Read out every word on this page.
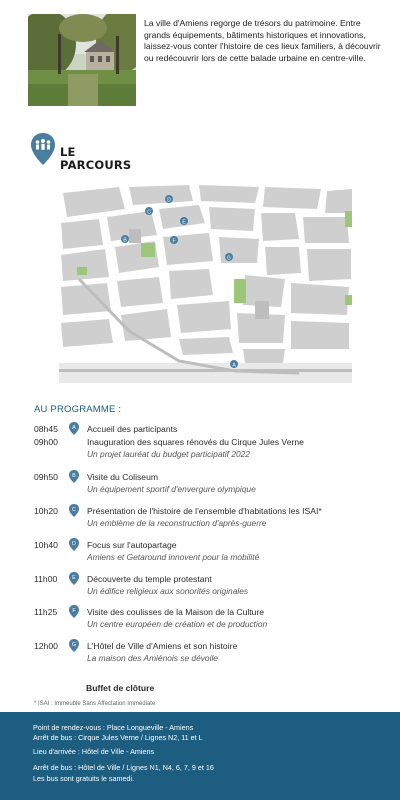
La ville d'Amiens regorge de trésors du patrimoine. Entre grands équipements, bâtiments historiques et innovations, laissez-vous conter l'histoire de ces lieux familiers, à découvrir ou redécouvrir lors de cette balade urbaine en centre-ville.
LE
PARCOURS
A
B
C
D
E
F
G
AU PROGRAMME :
08h45	A Accueil des participants
09h00	Inauguration des squares rénovés du Cirque Jules Verne
Un projet lauréat du budget participatif 2022
09h50	B Visite du Coliseum
Un équipement sportif d'envergure olympique
10h20	C Présentation de l'histoire de l'ensemble d'habitations les ISAI*
Un emblème de la reconstruction d'après-guerre
10h40	D Focus sur l'autopartage
Amiens et Getaround innovent pour la mobilité
11h00	E Découverte du temple protestant
Un édifice religieux aux sonorités originales
11h25	F Visite des coulisses de la Maison de la Culture
Un centre européen de création et de production
12h00	G L'Hôtel de Ville d'Amiens et son histoire
La maison des Amiénois se dévoile
Buffet de clôture
* ISAI : Immeuble Sans Affectation Immédiate
Point de rendez-vous : Place Longueville - Amiens
Arrêt de bus : Cirque Jules Verne / Lignes N2, 11 et L
Lieu d'arrivée : Hôtel de Ville - Amiens
Arrêt de bus : Hôtel de Ville / Lignes N1, N4, 6, 7, 9 et 16
Les bus sont gratuits le samedi.
